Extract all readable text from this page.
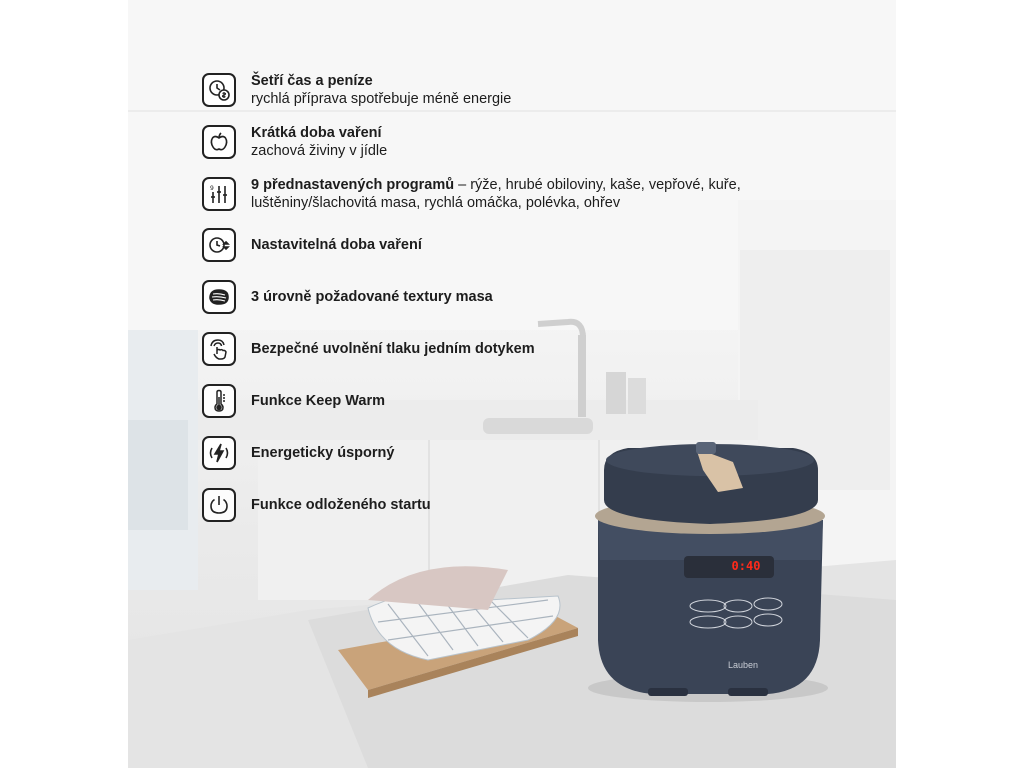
0:40
Lauben
Šetří čas a peníze
rychlá příprava spotřebuje méně energie
Krátká doba vaření
zachová živiny v jídle
9	9 přednastavených programů – rýže, hrubé obiloviny, kaše, vepřové, kuře,
luštěniny/šlachovitá masa, rychlá omáčka, polévka, ohřev
Nastavitelná doba vaření
3 úrovně požadované textury masa
Bezpečné uvolnění tlaku jedním dotykem
Funkce Keep Warm
Energeticky úsporný
Funkce odloženého startu
